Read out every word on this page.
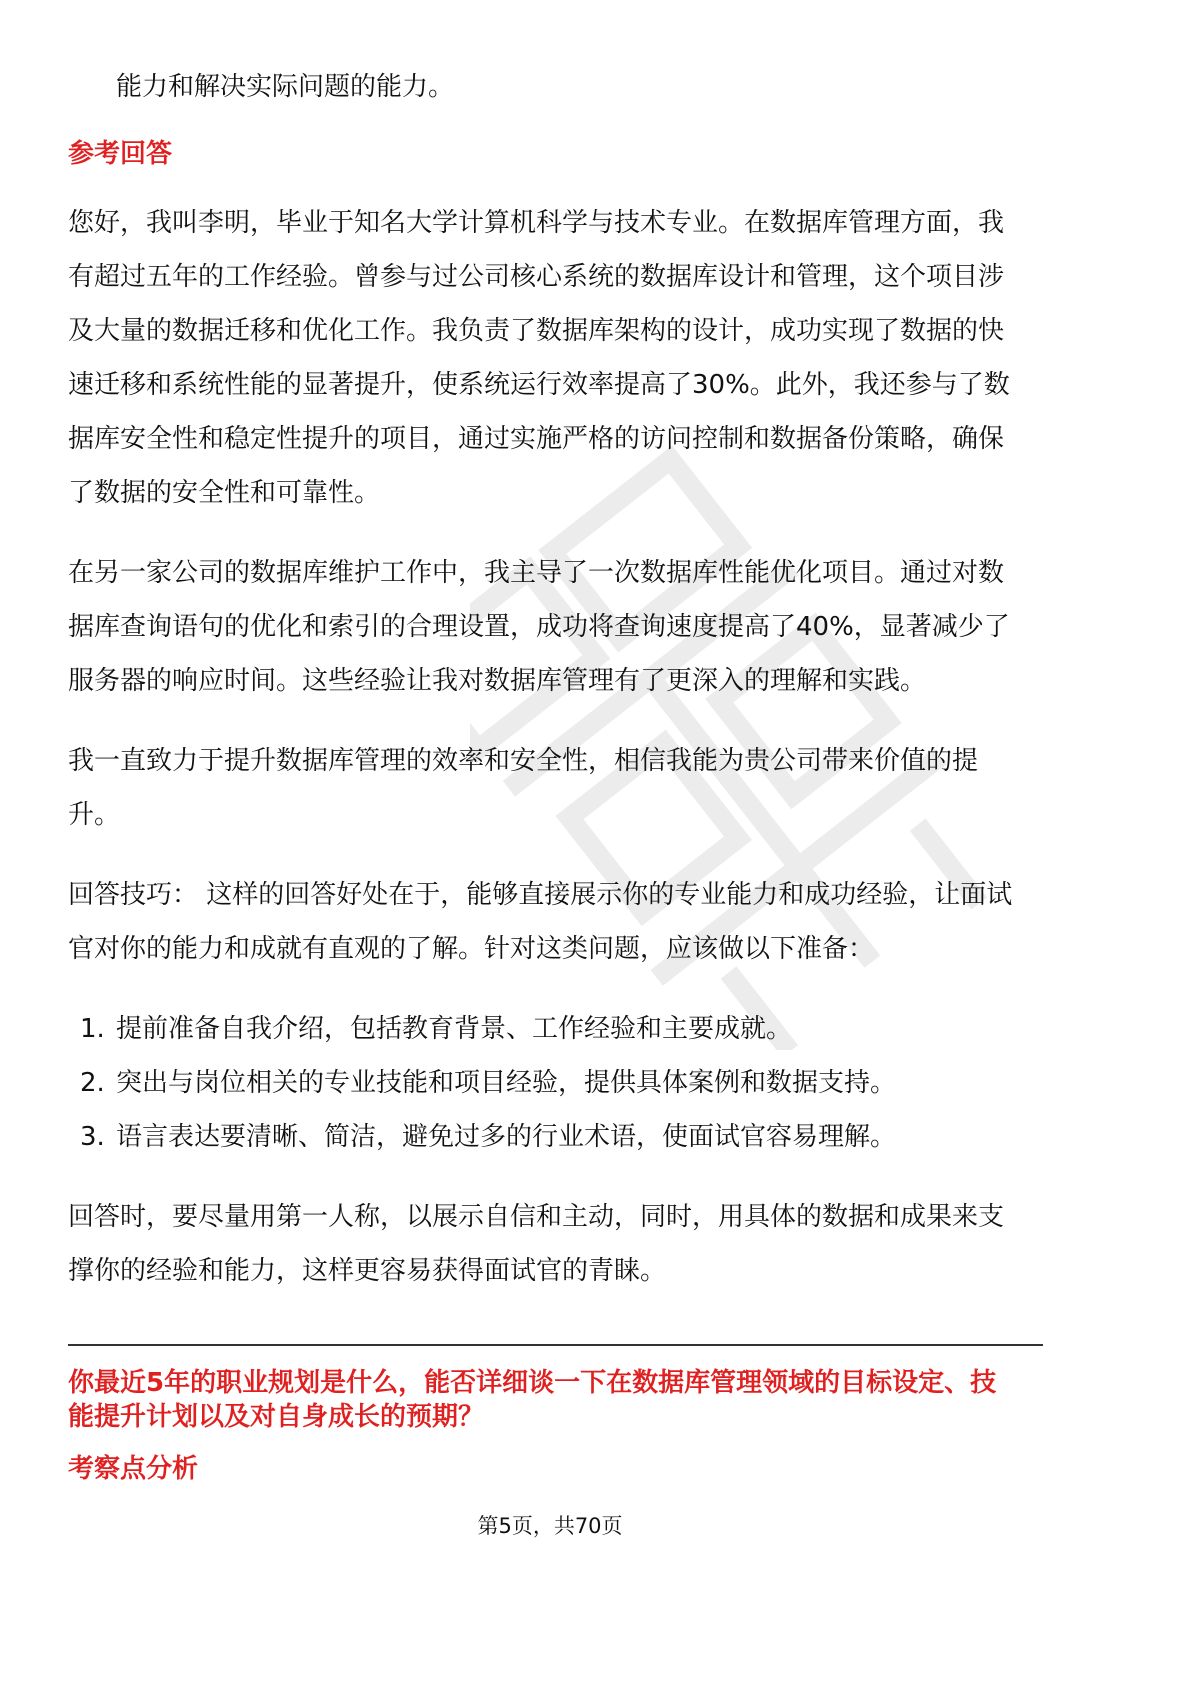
能力和解决实际问题的能力。

参考回答

您好，我叫李明，毕业于知名大学计算机科学与技术专业。在数据库管理方面，我
有超过五年的工作经验。曾参与过公司核心系统的数据库设计和管理，这个项目涉
及大量的数据迁移和优化工作。我负责了数据库架构的设计，成功实现了数据的快
速迁移和系统性能的显著提升，使系统运行效率提高了30%。此外，我还参与了数
据库安全性和稳定性提升的项目，通过实施严格的访问控制和数据备份策略，确保
了数据的安全性和可靠性。
在另一家公司的数据库维护工作中，我主导了一次数据库性能优化项目。通过对数
据库查询语句的优化和索引的合理设置，成功将查询速度提高了40%，显著减少了
服务器的响应时间。这些经验让我对数据库管理有了更深入的理解和实践。
我一直致力于提升数据库管理的效率和安全性，相信我能为贵公司带来价值的提
升。
回答技巧： 这样的回答好处在于，能够直接展示你的专业能力和成功经验，让面试
官对你的能力和成就有直观的了解。针对这类问题，应该做以下准备：
1. 提前准备自我介绍，包括教育背景、工作经验和主要成就。
2. 突出与岗位相关的专业技能和项目经验，提供具体案例和数据支持。
3. 语言表达要清晰、简洁，避免过多的行业术语，使面试官容易理解。
回答时，要尽量用第一人称，以展示自信和主动，同时，用具体的数据和成果来支
撑你的经验和能力，这样更容易获得面试官的青睐。
你最近5年的职业规划是什么，能否详细谈一下在数据库管理领域的目标设定、技
能提升计划以及对自身成长的预期？

考察点分析

第5页，共70页
